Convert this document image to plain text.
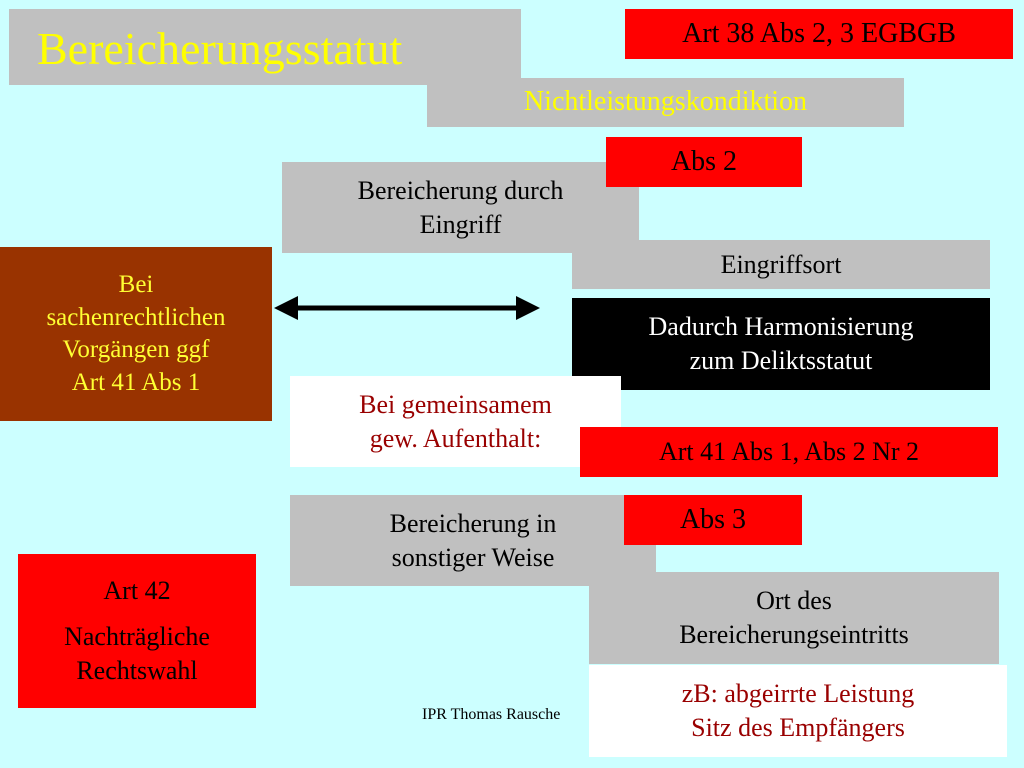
Bereicherungsstatut	Art 38 Abs 2, 3 EGBGB
Nichtleistungskondiktion
Bereicherung durch
Eingriff
Abs 2
Eingriffsort
Bei
sachenrechtlichen
Vorgängen ggf
Art 41 Abs 1
Dadurch Harmonisierung
zum Deliktsstatut
Bei gemeinsamem
gew. Aufenthalt:	Art 41 Abs 1, Abs 2 Nr 2
Bereicherung in
sonstiger Weise
Abs 3
Art 42
Nachträgliche
Rechtswahl
IPR Thomas Rausche
Ort des
Bereicherungseintritts
zB: abgeirrte Leistung
Sitz des Empfängers
